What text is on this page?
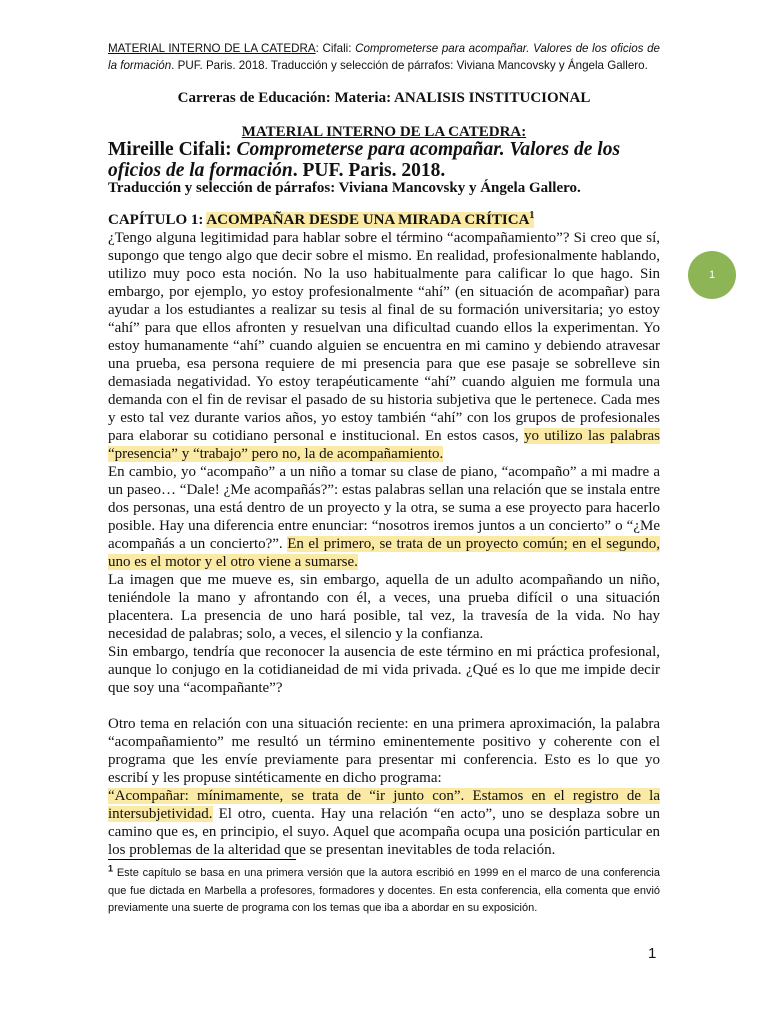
MATERIAL INTERNO DE LA CATEDRA: Cifali: Comprometerse para acompañar. Valores de los oficios de la formación. PUF. Paris. 2018. Traducción y selección de párrafos: Viviana Mancovsky y Ángela Gallero.
Carreras de Educación: Materia: ANALISIS INSTITUCIONAL
MATERIAL INTERNO DE LA CATEDRA:
Mireille Cifali: Comprometerse para acompañar. Valores de los oficios de la formación. PUF. Paris. 2018.
Traducción y selección de párrafos: Viviana Mancovsky y Ángela Gallero.
CAPÍTULO 1: ACOMPAÑAR DESDE UNA MIRADA CRÍTICA$^1$

¿Tengo alguna legitimidad para hablar sobre el término “acompañamiento”? Si creo que sí, supongo que tengo algo que decir sobre el mismo. En realidad, profesionalmente hablando, utilizo muy poco esta noción. No la uso habitualmente para calificar lo que hago. Sin embargo, por ejemplo, yo estoy profesionalmente “ahí” (en situación de acompañar) para ayudar a los estudiantes a realizar su tesis al final de su formación universitaria; yo estoy “ahí” para que ellos afronten y resuelvan una dificultad cuando ellos la experimentan. Yo estoy humanamente “ahí” cuando alguien se encuentra en mi camino y debiendo atravesar una prueba, esa persona requiere de mi presencia para que ese pasaje se sobrelleve sin demasiada negatividad. Yo estoy terapéuticamente “ahí” cuando alguien me formula una demanda con el fin de revisar el pasado de su historia subjetiva que le pertenece. Cada mes y esto tal vez durante varios años, yo estoy también “ahí” con los grupos de profesionales para elaborar su cotidiano personal e institucional. En estos casos, yo utilizo las palabras “presencia” y “trabajo” pero no, la de acompañamiento.

En cambio, yo “acompaño” a un niño a tomar su clase de piano, “acompaño” a mi madre a un paseo… “Dale! ¿Me acompañás?”: estas palabras sellan una relación que se instala entre dos personas, una está dentro de un proyecto y la otra, se suma a ese proyecto para hacerlo posible. Hay una diferencia entre enunciar: “nosotros iremos juntos a un concierto” o “¿Me acompañás a un concierto?”. En el primero, se trata de un proyecto común; en el segundo, uno es el motor y el otro viene a sumarse.

La imagen que me mueve es, sin embargo, aquella de un adulto acompañando un niño, teniéndole la mano y afrontando con él, a veces, una prueba difícil o una situación placentera. La presencia de uno hará posible, tal vez, la travesía de la vida. No hay necesidad de palabras; solo, a veces, el silencio y la confianza.

Sin embargo, tendría que reconocer la ausencia de este término en mi práctica profesional, aunque lo conjugo en la cotidianeidad de mi vida privada. ¿Qué es lo que me impide decir que soy una “acompañante”?

Otro tema en relación con una situación reciente: en una primera aproximación, la palabra “acompañamiento” me resultó un término eminentemente positivo y coherente con el programa que les envíe previamente para presentar mi conferencia. Esto es lo que yo escribí y les propuse sintéticamente en dicho programa:

“Acompañar: mínimamente, se trata de “ir junto con”. Estamos en el registro de la intersubjetividad. El otro, cuenta. Hay una relación “en acto”, uno se desplaza sobre un camino que es, en principio, el suyo. Aquel que acompaña ocupa una posición particular en los problemas de la alteridad que se presentan inevitables de toda relación.

$^1$ Este capítulo se basa en una primera versión que la autora escribió en 1999 en el marco de una conferencia que fue dictada en Marbella a profesores, formadores y docentes. En esta conferencia, ella comenta que envió previamente una suerte de programa con los temas que iba a abordar en su exposición.
1
1
